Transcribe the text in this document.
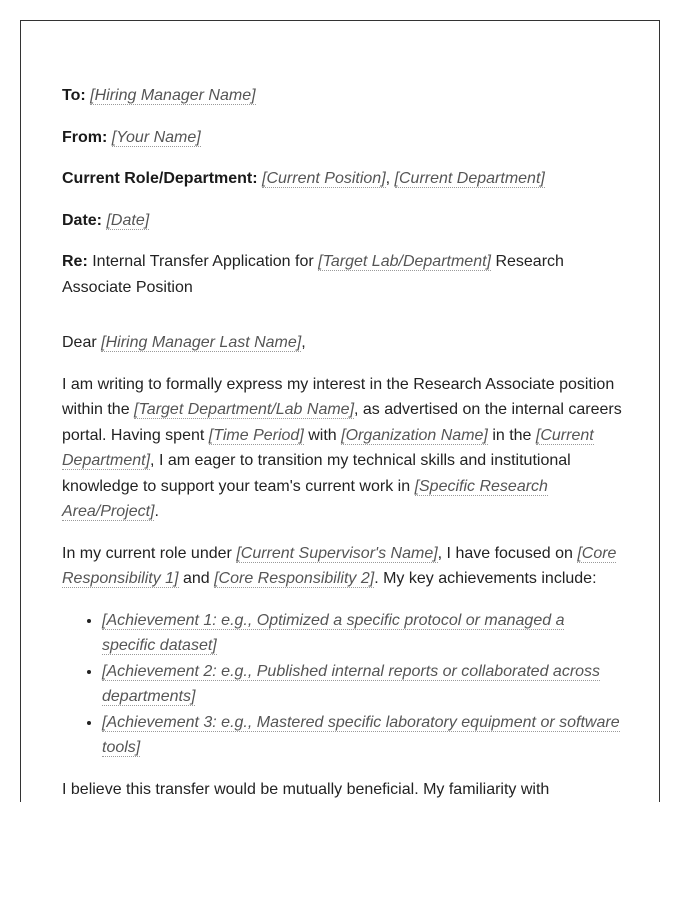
To: [Hiring Manager Name]
From: [Your Name]
Current Role/Department: [Current Position], [Current Department]
Date: [Date]
Re: Internal Transfer Application for [Target Lab/Department] Research Associate Position

Dear [Hiring Manager Last Name],

I am writing to formally express my interest in the Research Associate position within the [Target Department/Lab Name], as advertised on the internal careers portal. Having spent [Time Period] with [Organization Name] in the [Current Department], I am eager to transition my technical skills and institutional knowledge to support your team's current work in [Specific Research Area/Project].

In my current role under [Current Supervisor's Name], I have focused on [Core Responsibility 1] and [Core Responsibility 2]. My key achievements include:

• [Achievement 1: e.g., Optimized a specific protocol or managed a specific dataset]
• [Achievement 2: e.g., Published internal reports or collaborated across departments]
• [Achievement 3: e.g., Mastered specific laboratory equipment or software tools]

I believe this transfer would be mutually beneficial. My familiarity with
